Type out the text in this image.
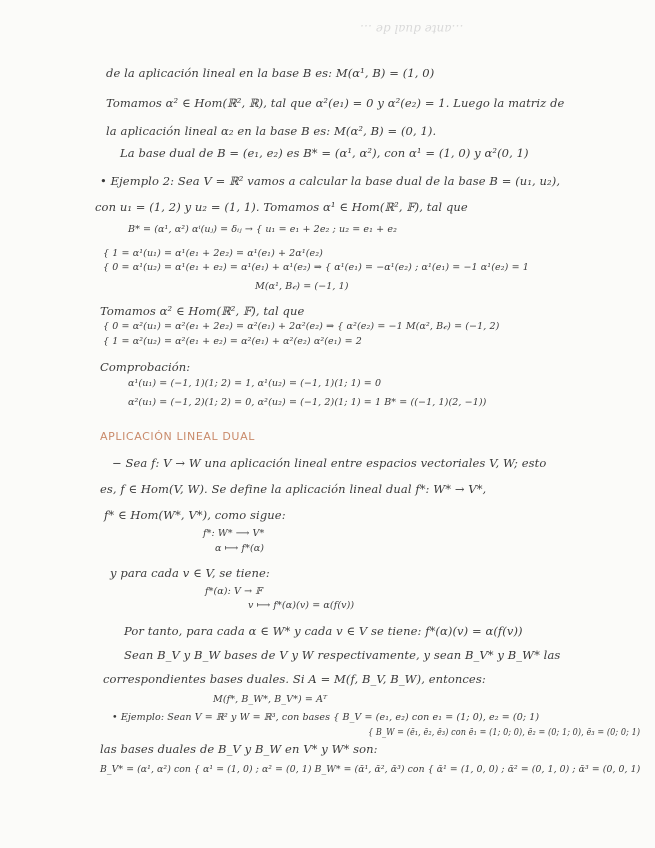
…ante dual de …
de la aplicación lineal en la base B es: M(α¹, B) = (1, 0)
Tomamos α² ∈ Hom(ℝ², ℝ), tal que α²(e₁) = 0 y α²(e₂) = 1. Luego la matriz de
la aplicación lineal α₂ en la base B es: M(α², B) = (0, 1).
La base dual de B = (e₁, e₂) es B* = (α¹, α²), con α¹ = (1, 0) y α²(0, 1)
• Ejemplo 2: Sea V = ℝ² vamos a calcular la base dual de la base B = (u₁, u₂),
con u₁ = (1, 2) y u₂ = (1, 1). Tomamos α¹ ∈ Hom(ℝ², 𝔽), tal que
B* = (α¹, α²) αⁱ(uⱼ) = δᵢⱼ → { u₁ = e₁ + 2e₂ ; u₂ = e₁ + e₂
{ 1 = α¹(u₁) = α¹(e₁ + 2e₂) = α¹(e₁) + 2α¹(e₂)
{ 0 = α¹(u₂) = α¹(e₁ + e₂) = α¹(e₁) + α¹(e₂) ⇒ { α¹(e₁) = −α¹(e₂) ; α¹(e₁) = −1 α¹(e₂) = 1
M(α¹, B𝒸) = (−1, 1)
Tomamos α² ∈ Hom(ℝ², 𝔽), tal que
{ 0 = α²(u₁) = α²(e₁ + 2e₂) = α²(e₁) + 2α²(e₂) ⇒ { α²(e₂) = −1 M(α², B𝒸) = (−1, 2)
{ 1 = α²(u₂) = α²(e₁ + e₂) = α²(e₁) + α²(e₂) α²(e₁) = 2
Comprobación:
α¹(u₁) = (−1, 1)(1; 2) = 1, α¹(u₂) = (−1, 1)(1; 1) = 0
α²(u₁) = (−1, 2)(1; 2) = 0, α²(u₂) = (−1, 2)(1; 1) = 1 B* = ((−1, 1)(2, −1))
APLICACIÓN LINEAL DUAL
− Sea f: V → W una aplicación lineal entre espacios vectoriales V, W; esto
es, f ∈ Hom(V, W). Se define la aplicación lineal dual f*: W* → V*,
f* ∈ Hom(W*, V*), como sigue:
f*: W* ⟶ V*
α ⟼ f*(α)
y para cada v ∈ V, se tiene:
f*(α): V → 𝔽
v ⟼ f*(α)(v) = α(f(v))
Por tanto, para cada α ∈ W* y cada v ∈ V se tiene: f*(α)(v) = α(f(v))
Sean B_V y B_W bases de V y W respectivamente, y sean B_V* y B_W* las
correspondientes bases duales. Si A = M(f, B_V, B_W), entonces:
M(f*, B_W*, B_V*) = Aᵀ
• Ejemplo: Sean V = ℝ² y W = ℝ³, con bases { B_V = (e₁, e₂) con e₁ = (1; 0), e₂ = (0; 1)
{ B_W = (ē₁, ē₂, ē₃) con ē₁ = (1; 0; 0), ē₂ = (0; 1; 0), ē₃ = (0; 0; 1)
las bases duales de B_V y B_W en V* y W* son:
B_V* = (α¹, α²) con { α¹ = (1, 0) ; α² = (0, 1) B_W* = (ᾱ¹, ᾱ², ᾱ³) con { ᾱ¹ = (1, 0, 0) ; ᾱ² = (0, 1, 0) ; ᾱ³ = (0, 0, 1)
